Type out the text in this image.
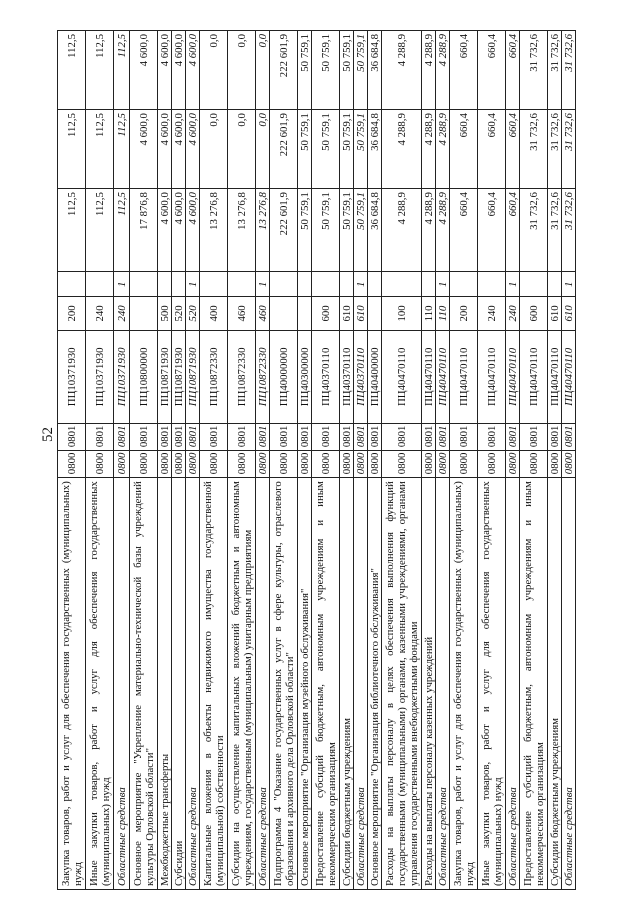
52
Закупка товаров, работ и услуг для обеспечения государственных (муниципальных) нужд	0800	0801	ПЦ10371930	200		112,5	112,5	112,5
Иные закупки товаров, работ и услуг для обеспечения государственных (муниципальных) нужд	0800	0801	ПЦ10371930	240		112,5	112,5	112,5
Областные средства	0800	0801	ПЦ10371930	240	1	112,5	112,5	112,5
Основное мероприятие "Укрепление материально-технической базы учреждений культуры Орловской области"	0800	0801	ПЦ10800000			17 876,8	4 600,0	4 600,0
Межбюджетные трансферты	0800	0801	ПЦ10871930	500		4 600,0	4 600,0	4 600,0
Субсидии	0800	0801	ПЦ10871930	520		4 600,0	4 600,0	4 600,0
Областные средства	0800	0801	ПЦ10871930	520	1	4 600,0	4 600,0	4 600,0
Капитальные вложения в объекты недвижимого имущества государственной (муниципальной) собственности	0800	0801	ПЦ10872330	400		13 276,8	0,0	0,0
Субсидии на осуществление капитальных вложений бюджетным и автономным учреждениям, государственным (муниципальным) унитарным предприятиям	0800	0801	ПЦ10872330	460		13 276,8	0,0	0,0
Областные средства	0800	0801	ПЦ10872330	460	1	13 276,8	0,0	0,0
Подпрограмма 4 "Оказание государственных услуг в сфере культуры, отраслевого образования и архивного дела Орловской области"	0800	0801	ПЦ40000000			222 601,9	222 601,9	222 601,9
Основное мероприятие "Организация музейного обслуживания"	0800	0801	ПЦ40300000			50 759,1	50 759,1	50 759,1
Предоставление субсидий бюджетным, автономным учреждениям и иным некоммерческим организациям	0800	0801	ПЦ40370110	600		50 759,1	50 759,1	50 759,1
Субсидии бюджетным учреждениям	0800	0801	ПЦ40370110	610		50 759,1	50 759,1	50 759,1
Областные средства	0800	0801	ПЦ40370110	610	1	50 759,1	50 759,1	50 759,1
Основное мероприятие "Организация библиотечного обслуживания"	0800	0801	ПЦ40400000			36 684,8	36 684,8	36 684,8
Расходы на выплаты персоналу в целях обеспечения выполнения функций государственными (муниципальными) органами, казенными учреждениями, органами управления государственными внебюджетными фондами	0800	0801	ПЦ40470110	100		4 288,9	4 288,9	4 288,9
Расходы на выплаты персоналу казенных учреждений	0800	0801	ПЦ40470110	110		4 288,9	4 288,9	4 288,9
Областные средства	0800	0801	ПЦ40470110	110	1	4 288,9	4 288,9	4 288,9
Закупка товаров, работ и услуг для обеспечения государственных (муниципальных) нужд	0800	0801	ПЦ40470110	200		660,4	660,4	660,4
Иные закупки товаров, работ и услуг для обеспечения государственных (муниципальных) нужд	0800	0801	ПЦ40470110	240		660,4	660,4	660,4
Областные средства	0800	0801	ПЦ40470110	240	1	660,4	660,4	660,4
Предоставление субсидий бюджетным, автономным учреждениям и иным некоммерческим организациям	0800	0801	ПЦ40470110	600		31 732,6	31 732,6	31 732,6
Субсидии бюджетным учреждениям	0800	0801	ПЦ40470110	610		31 732,6	31 732,6	31 732,6
Областные средства	0800	0801	ПЦ40470110	610	1	31 732,6	31 732,6	31 732,6
